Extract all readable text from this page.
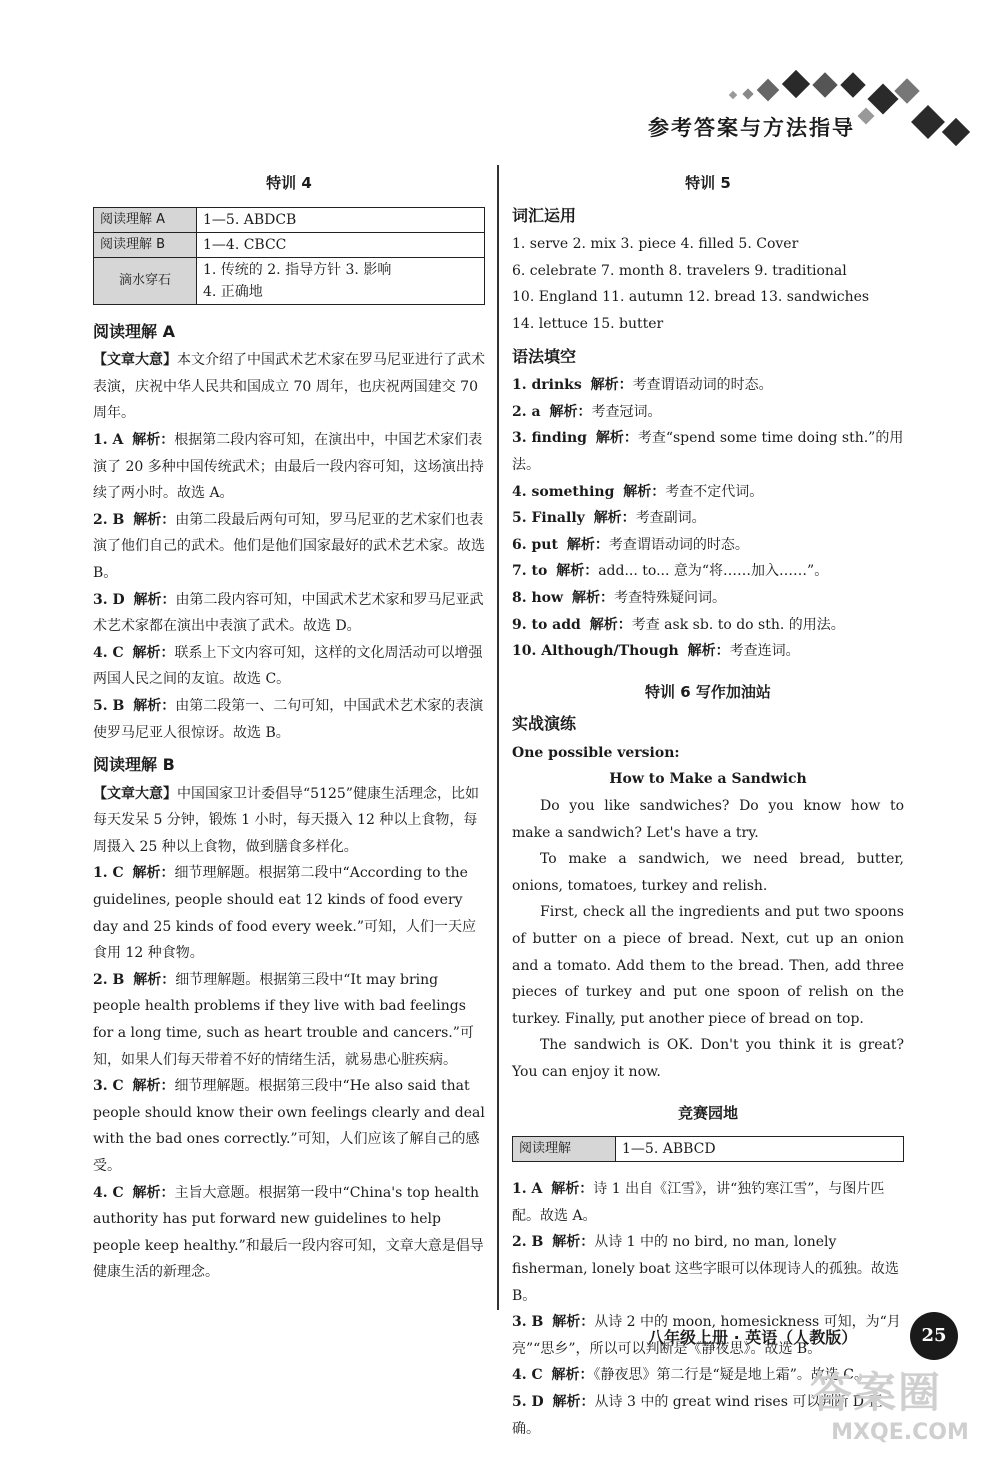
参考答案与方法指导
特训 4
阅读理解 A	1—5. ABDCB
阅读理解 B	1—4. CBCC
滴水穿石	1. 传统的 2. 指导方针 3. 影响
4. 正确地
阅读理解 A

【文章大意】本文介绍了中国武术艺术家在罗马尼亚进行了武术表演，庆祝中华人民共和国成立 70 周年，也庆祝两国建交 70 周年。

1. A 解析：根据第二段内容可知，在演出中，中国艺术家们表演了 20 多种中国传统武术；由最后一段内容可知，这场演出持续了两小时。故选 A。

2. B 解析：由第二段最后两句可知，罗马尼亚的艺术家们也表演了他们自己的武术。他们是他们国家最好的武术艺术家。故选 B。

3. D 解析：由第二段内容可知，中国武术艺术家和罗马尼亚武术艺术家都在演出中表演了武术。故选 D。

4. C 解析：联系上下文内容可知，这样的文化周活动可以增强两国人民之间的友谊。故选 C。

5. B 解析：由第二段第一、二句可知，中国武术艺术家的表演使罗马尼亚人很惊讶。故选 B。

阅读理解 B

【文章大意】中国国家卫计委倡导“5125”健康生活理念，比如每天发呆 5 分钟，锻炼 1 小时，每天摄入 12 种以上食物，每周摄入 25 种以上食物，做到膳食多样化。

1. C 解析：细节理解题。根据第二段中“According to the guidelines, people should eat 12 kinds of food every day and 25 kinds of food every week.”可知，人们一天应食用 12 种食物。

2. B 解析：细节理解题。根据第三段中“It may bring people health problems if they live with bad feelings for a long time, such as heart trouble and cancers.”可知，如果人们每天带着不好的情绪生活，就易患心脏疾病。

3. C 解析：细节理解题。根据第三段中“He also said that people should know their own feelings clearly and deal with the bad ones correctly.”可知，人们应该了解自己的感受。

4. C 解析：主旨大意题。根据第一段中“China's top health authority has put forward new guidelines to help people keep healthy.”和最后一段内容可知，文章大意是倡导健康生活的新理念。

特训 5
词汇运用

1. serve 2. mix 3. piece 4. filled 5. Cover

6. celebrate 7. month 8. travelers 9. traditional

10. England 11. autumn 12. bread 13. sandwiches

14. lettuce 15. butter

语法填空

1. drinks 解析：考查谓语动词的时态。

2. a 解析：考查冠词。

3. finding 解析：考查“spend some time doing sth.”的用法。

4. something 解析：考查不定代词。

5. Finally 解析：考查副词。

6. put 解析：考查谓语动词的时态。

7. to 解析：add... to... 意为“将……加入……”。

8. how 解析：考查特殊疑问词。

9. to add 解析：考查 ask sb. to do sth. 的用法。

10. Although/Though 解析：考查连词。

特训 6 写作加油站
实战演练

One possible version:

How to Make a Sandwich

Do you like sandwiches? Do you know how to make a sandwich? Let's have a try.

To make a sandwich, we need bread, butter, onions, tomatoes, turkey and relish.

First, check all the ingredients and put two spoons of butter on a piece of bread. Next, cut up an onion and a tomato. Add them to the bread. Then, add three pieces of turkey and put one spoon of relish on the turkey. Finally, put another piece of bread on top.

The sandwich is OK. Don't you think it is great? You can enjoy it now.

竞赛园地
阅读理解	1—5. ABBCD

1. A 解析：诗 1 出自《江雪》，讲“独钓寒江雪”，与图片匹配。故选 A。

2. B 解析：从诗 1 中的 no bird, no man, lonely fisherman, lonely boat 这些字眼可以体现诗人的孤独。故选 B。

3. B 解析：从诗 2 中的 moon, homesickness 可知，为“月亮”“思乡”，所以可以判断是《静夜思》。故选 B。

4. C 解析：《静夜思》第二行是“疑是地上霜”。故选 C。

5. D 解析：从诗 3 中的 great wind rises 可以判断 D 正确。

八年级上册 · 英语（人教版）	25
答案圈
MXQE.COM
